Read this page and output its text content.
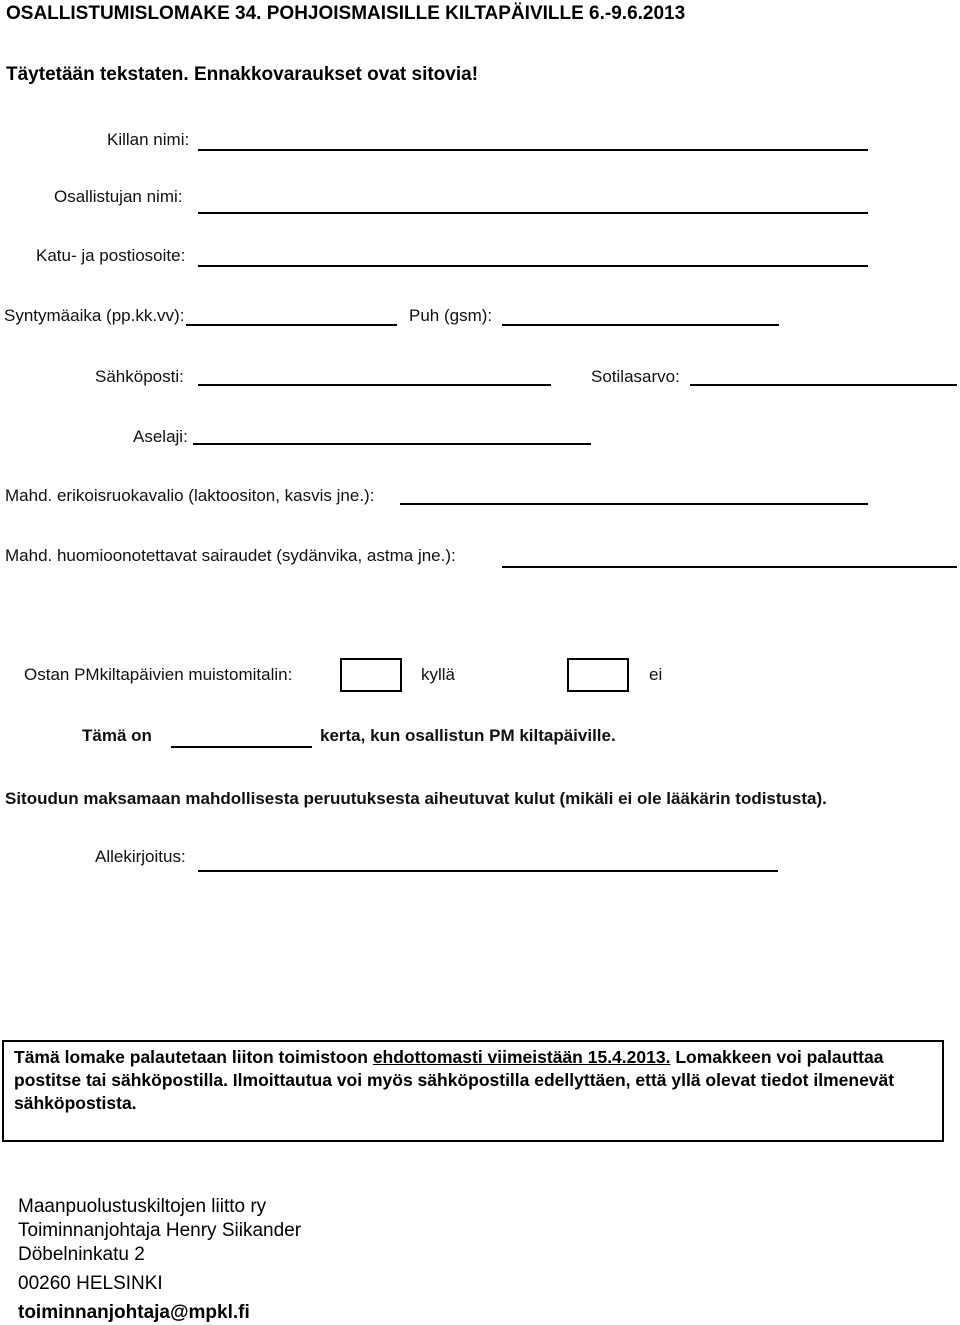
OSALLISTUMISLOMAKE 34. POHJOISMAISILLE KILTAPÄIVILLE 6.-9.6.2013
Täytetään tekstaten. Ennakkovaraukset ovat sitovia!
Killan nimi:
Osallistujan nimi:
Katu- ja postiosoite:
Syntymäaika (pp.kk.vv):	Puh (gsm):
Sähköposti:	Sotilasarvo:
Aselaji:
Mahd. erikoisruokavalio (laktoositon, kasvis jne.):
Mahd. huomioonotettavat sairaudet (sydänvika, astma jne.):
Ostan PMkiltapäivien muistomitalin:	kyllä	ei
Tämä on	kerta, kun osallistun PM kiltapäiville.
Sitoudun maksamaan mahdollisesta peruutuksesta aiheutuvat kulut (mikäli ei ole lääkärin todistusta).
Allekirjoitus:
Tämä lomake palautetaan liiton toimistoon ehdottomasti viimeistään 15.4.2013. Lomakkeen voi palauttaa postitse tai sähköpostilla. Ilmoittautua voi myös sähköpostilla edellyttäen, että yllä olevat tiedot ilmenevät sähköpostista.
Maanpuolustuskiltojen liitto ry
Toiminnanjohtaja Henry Siikander
Döbelninkatu 2
00260 HELSINKI
toiminnanjohtaja@mpkl.fi
